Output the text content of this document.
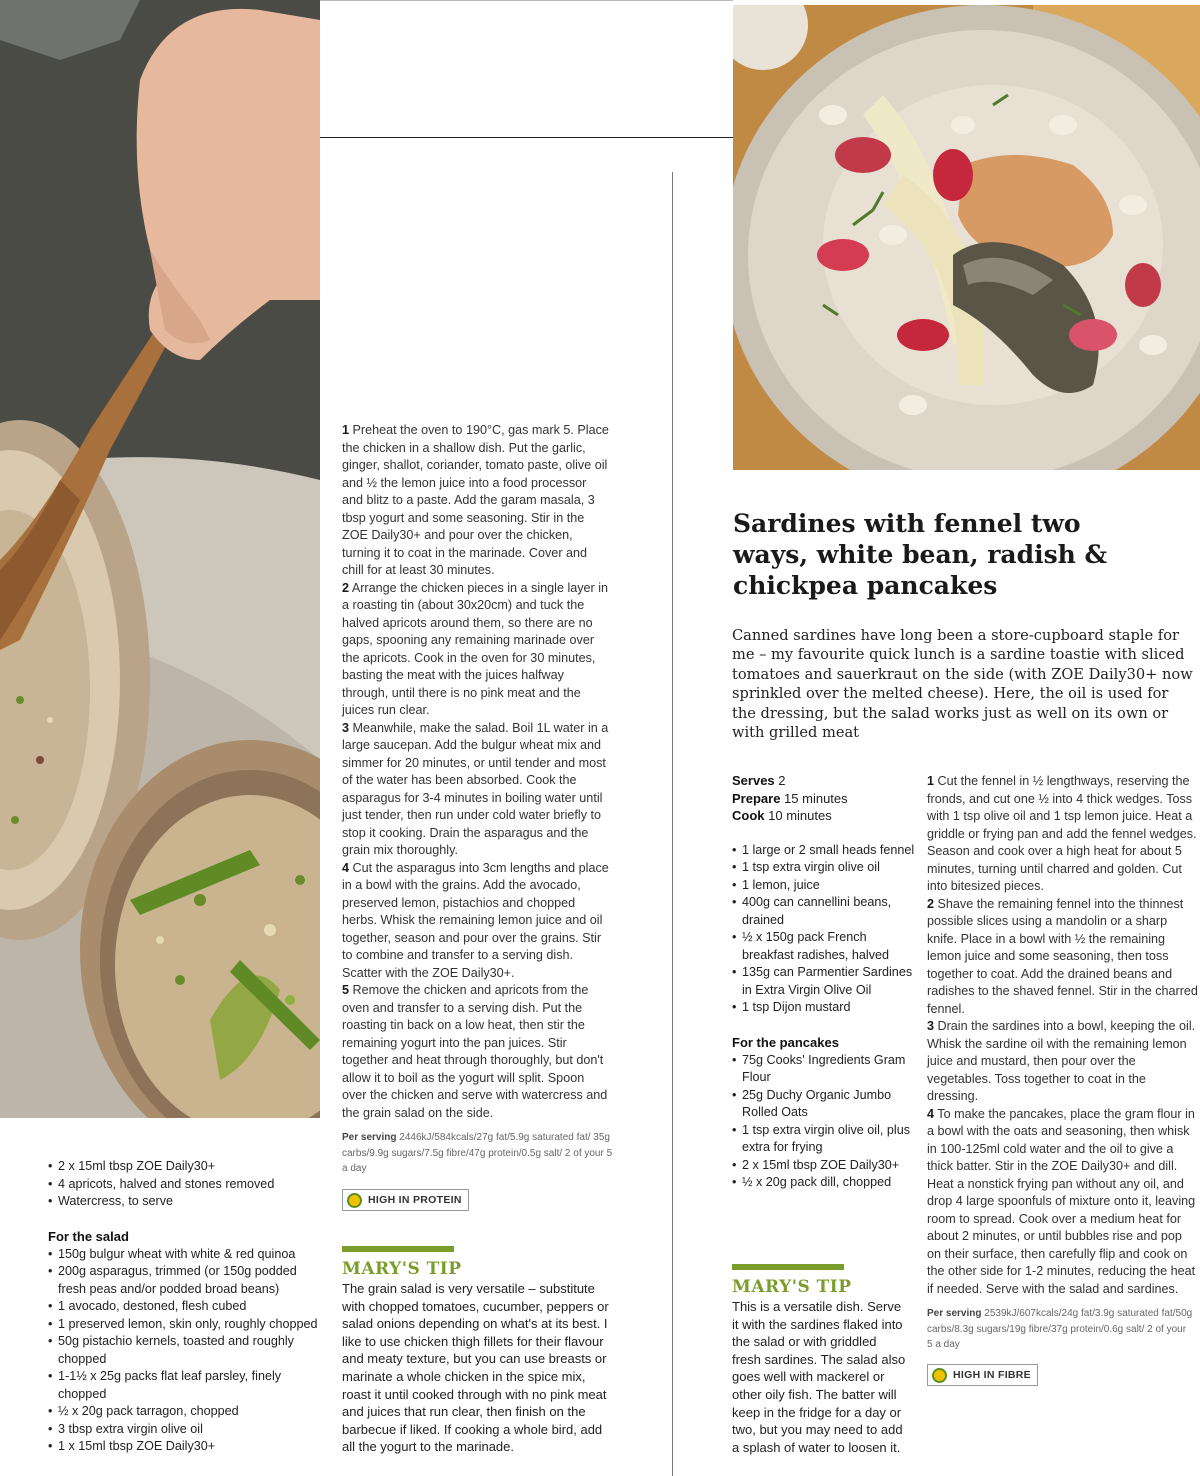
• 2 x 15ml tbsp ZOE Daily30+
• 4 apricots, halved and stones removed
• Watercress, to serve
For the salad
• 150g bulgur wheat with white & red quinoa
• 200g asparagus, trimmed (or 150g podded fresh peas and/or podded broad beans)
• 1 avocado, destoned, flesh cubed
• 1 preserved lemon, skin only, roughly chopped
• 50g pistachio kernels, toasted and roughly chopped
• 1-1½ x 25g packs flat leaf parsley, finely chopped
• ½ x 20g pack tarragon, chopped
• 3 tbsp extra virgin olive oil
• 1 x 15ml tbsp ZOE Daily30+

1 Preheat the oven to 190°C, gas mark 5. Place the chicken in a shallow dish. Put the garlic, ginger, shallot, coriander, tomato paste, olive oil and ½ the lemon juice into a food processor and blitz to a paste. Add the garam masala, 3 tbsp yogurt and some seasoning. Stir in the ZOE Daily30+ and pour over the chicken, turning it to coat in the marinade. Cover and chill for at least 30 minutes.

2 Arrange the chicken pieces in a single layer in a roasting tin (about 30x20cm) and tuck the halved apricots around them, so there are no gaps, spooning any remaining marinade over the apricots. Cook in the oven for 30 minutes, basting the meat with the juices halfway through, until there is no pink meat and the juices run clear.

3 Meanwhile, make the salad. Boil 1L water in a large saucepan. Add the bulgur wheat mix and simmer for 20 minutes, or until tender and most of the water has been absorbed. Cook the asparagus for 3-4 minutes in boiling water until just tender, then run under cold water briefly to stop it cooking. Drain the asparagus and the grain mix thoroughly.

4 Cut the asparagus into 3cm lengths and place in a bowl with the grains. Add the avocado, preserved lemon, pistachios and chopped herbs. Whisk the remaining lemon juice and oil together, season and pour over the grains. Stir to combine and transfer to a serving dish. Scatter with the ZOE Daily30+.

5 Remove the chicken and apricots from the oven and transfer to a serving dish. Put the roasting tin back on a low heat, then stir the remaining yogurt into the pan juices. Stir together and heat through thoroughly, but don't allow it to boil as the yogurt will split. Spoon over the chicken and serve with watercress and the grain salad on the side.

Per serving 2446kJ/584kcals/27g fat/5.9g saturated fat/ 35g carbs/9.9g sugars/7.5g fibre/47g protein/0.5g salt/ 2 of your 5 a day
HIGH IN PROTEIN
MARY'S TIP
The grain salad is very versatile – substitute with chopped tomatoes, cucumber, peppers or salad onions depending on what's at its best. I like to use chicken thigh fillets for their flavour and meaty texture, but you can use breasts or marinate a whole chicken in the spice mix, roast it until cooked through with no pink meat and juices that run clear, then finish on the barbecue if liked. If cooking a whole bird, add all the yogurt to the marinade.
Sardines with fennel two ways, white bean, radish & chickpea pancakes
Canned sardines have long been a store-cupboard staple for me – my favourite quick lunch is a sardine toastie with sliced tomatoes and sauerkraut on the side (with ZOE Daily30+ now sprinkled over the melted cheese). Here, the oil is used for the dressing, but the salad works just as well on its own or with grilled meat
Serves 2
Prepare 15 minutes
Cook 10 minutes
• 1 large or 2 small heads fennel
• 1 tsp extra virgin olive oil
• 1 lemon, juice
• 400g can cannellini beans, drained
• ½ x 150g pack French breakfast radishes, halved
• 135g can Parmentier Sardines in Extra Virgin Olive Oil
• 1 tsp Dijon mustard
For the pancakes
• 75g Cooks' Ingredients Gram Flour
• 25g Duchy Organic Jumbo Rolled Oats
• 1 tsp extra virgin olive oil, plus extra for frying
• 2 x 15ml tbsp ZOE Daily30+
• ½ x 20g pack dill, chopped
MARY'S TIP
This is a versatile dish. Serve it with the sardines flaked into the salad or with griddled fresh sardines. The salad also goes well with mackerel or other oily fish. The batter will keep in the fridge for a day or two, but you may need to add a splash of water to loosen it.

1 Cut the fennel in ½ lengthways, reserving the fronds, and cut one ½ into 4 thick wedges. Toss with 1 tsp olive oil and 1 tsp lemon juice. Heat a griddle or frying pan and add the fennel wedges. Season and cook over a high heat for about 5 minutes, turning until charred and golden. Cut into bitesized pieces.

2 Shave the remaining fennel into the thinnest possible slices using a mandolin or a sharp knife. Place in a bowl with ½ the remaining lemon juice and some seasoning, then toss together to coat. Add the drained beans and radishes to the shaved fennel. Stir in the charred fennel.

3 Drain the sardines into a bowl, keeping the oil. Whisk the sardine oil with the remaining lemon juice and mustard, then pour over the vegetables. Toss together to coat in the dressing.

4 To make the pancakes, place the gram flour in a bowl with the oats and seasoning, then whisk in 100-125ml cold water and the oil to give a thick batter. Stir in the ZOE Daily30+ and dill. Heat a nonstick frying pan without any oil, and drop 4 large spoonfuls of mixture onto it, leaving room to spread. Cook over a medium heat for about 2 minutes, or until bubbles rise and pop on their surface, then carefully flip and cook on the other side for 1-2 minutes, reducing the heat if needed. Serve with the salad and sardines.

Per serving 2539kJ/607kcals/24g fat/3.9g saturated fat/50g carbs/8.3g sugars/19g fibre/37g protein/0.6g salt/ 2 of your 5 a day
HIGH IN FIBRE
